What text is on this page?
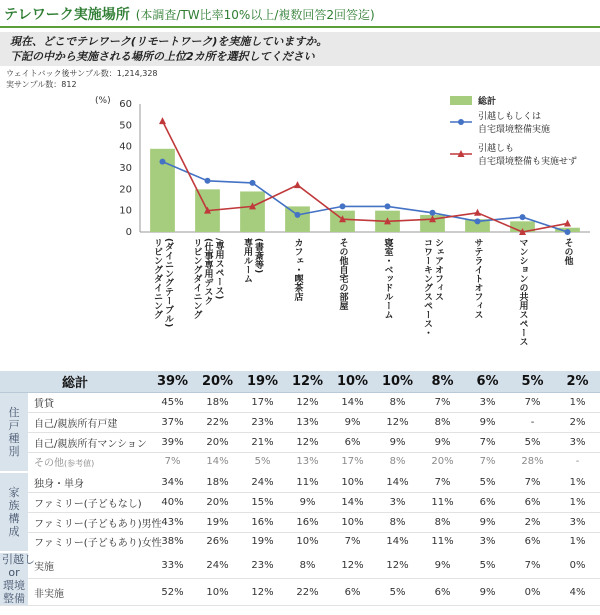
テレワーク実施場所 (本調査/TW比率10%以上/複数回答2回答迄)
現在、どこでテレワーク(リモートワーク)を実施していますか。
下記の中から実施される場所の上位2カ所を選択してください
ウェイトバック後サンプル数：1,214,328
実サンプル数：812
(%)
0
10
20
30
40
50
60
リビングダイニング (ダイニングテーブル) リビングダイニング (仕事専用デスク /専用スペース) 専用ルーム (書斎等)	カフェ・喫茶店	その他自宅の部屋	寝室・ベッドルーム	コワーキングスペース・ シェアオフィス	サテライトオフィス	マンションの共用スペース	その他
総計
引越しもしくは
自宅環境整備実施
引越しも
自宅環境整備も実施せず
総計		39%	20%	19%	12%	10%	10%	8%	6%	5%	2%

住
戸
種
別	賃貸	45%	18%	17%	12%	14%	8%	7%	3%	7%	1%
	自己/親族所有戸建	37%	22%	23%	13%	9%	12%	8%	9%	-	2%
	自己/親族所有マンション	39%	20%	21%	12%	6%	9%	9%	7%	5%	3%
	その他(参考値)	7%	14%	5%	13%	17%	8%	20%	7%	28%	-

家
族
構
成	独身・単身	34%	18%	24%	11%	10%	14%	7%	5%	7%	1%
	ファミリー(子どもなし)	40%	20%	15%	9%	14%	3%	11%	6%	6%	1%
	ファミリー(子どもあり)男性	43%	19%	16%	16%	10%	8%	8%	9%	2%	3%
	ファミリー(子どもあり)女性	38%	26%	19%	10%	7%	14%	11%	3%	6%	1%

引越し
or
環境
整備	実施	33%	24%	23%	8%	12%	12%	9%	5%	7%	0%
	非実施	52%	10%	12%	22%	6%	5%	6%	9%	0%	4%
